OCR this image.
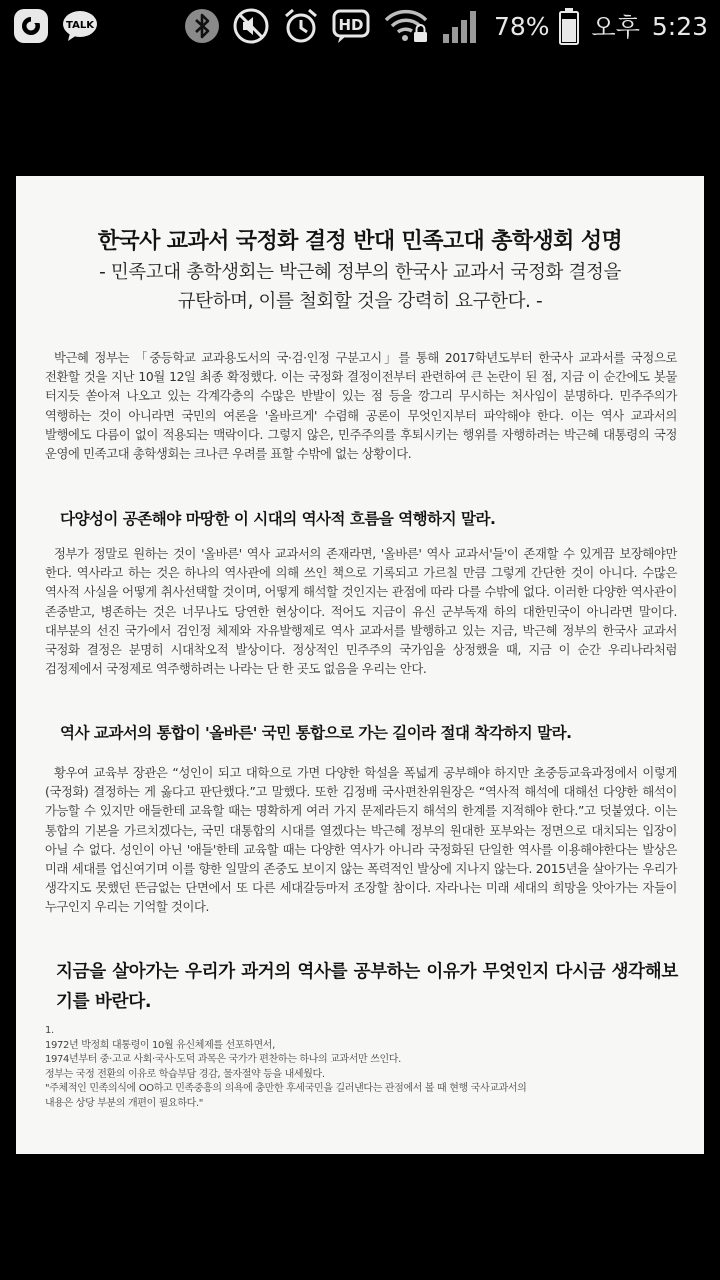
TALK	HD	78% 오후 5:23
한국사 교과서 국정화 결정 반대 민족고대 총학생회 성명
- 민족고대 총학생회는 박근혜 정부의 한국사 교과서 국정화 결정을
규탄하며, 이를 철회할 것을 강력히 요구한다. -

박근혜 정부는 「중등학교 교과용도서의 국·검·인정 구분고시」를 통해 2017학년도부터 한국사 교과서를 국정으로 전환할 것을 지난 10월 12일 최종 확정했다. 이는 국정화 결정이전부터 관련하여 큰 논란이 된 점, 지금 이 순간에도 봇물 터지듯 쏟아져 나오고 있는 각계각층의 수많은 반발이 있는 점 등을 깡그리 무시하는 처사임이 분명하다. 민주주의가 역행하는 것이 아니라면 국민의 여론을 '올바르게' 수렴해 공론이 무엇인지부터 파악해야 한다. 이는 역사 교과서의 발행에도 다름이 없이 적용되는 맥락이다. 그렇지 않은, 민주주의를 후퇴시키는 행위를 자행하려는 박근혜 대통령의 국정 운영에 민족고대 총학생회는 크나큰 우려를 표할 수밖에 없는 상황이다.

다양성이 공존해야 마땅한 이 시대의 역사적 흐름을 역행하지 말라.

정부가 정말로 원하는 것이 '올바른' 역사 교과서의 존재라면, '올바른' 역사 교과서'들'이 존재할 수 있게끔 보장해야만 한다. 역사라고 하는 것은 하나의 역사관에 의해 쓰인 책으로 기록되고 가르칠 만큼 그렇게 간단한 것이 아니다. 수많은 역사적 사실을 어떻게 취사선택할 것이며, 어떻게 해석할 것인지는 관점에 따라 다를 수밖에 없다. 이러한 다양한 역사관이 존중받고, 병존하는 것은 너무나도 당연한 현상이다. 적어도 지금이 유신 군부독재 하의 대한민국이 아니라면 말이다. 대부분의 선진 국가에서 검인정 체제와 자유발행제로 역사 교과서를 발행하고 있는 지금, 박근혜 정부의 한국사 교과서 국정화 결정은 분명히 시대착오적 발상이다. 정상적인 민주주의 국가임을 상정했을 때, 지금 이 순간 우리나라처럼 검정제에서 국정제로 역주행하려는 나라는 단 한 곳도 없음을 우리는 안다.

역사 교과서의 통합이 '올바른' 국민 통합으로 가는 길이라 절대 착각하지 말라.

황우여 교육부 장관은 “성인이 되고 대학으로 가면 다양한 학설을 폭넓게 공부해야 하지만 초중등교육과정에서 이렇게(국정화) 결정하는 게 옳다고 판단했다.”고 말했다. 또한 김정배 국사편찬위원장은 “역사적 해석에 대해선 다양한 해석이 가능할 수 있지만 애들한테 교육할 때는 명확하게 여러 가지 문제라든지 해석의 한계를 지적해야 한다.”고 덧붙였다. 이는 통합의 기본을 가르치겠다는, 국민 대통합의 시대를 열겠다는 박근혜 정부의 원대한 포부와는 정면으로 대치되는 입장이 아닐 수 없다. 성인이 아닌 '애들'한테 교육할 때는 다양한 역사가 아니라 국정화된 단일한 역사를 이용해야한다는 발상은 미래 세대를 업신여기며 이를 향한 일말의 존중도 보이지 않는 폭력적인 발상에 지나지 않는다. 2015년을 살아가는 우리가 생각지도 못했던 뜬금없는 단면에서 또 다른 세대갈등마저 조장할 참이다. 자라나는 미래 세대의 희망을 앗아가는 자들이 누구인지 우리는 기억할 것이다.

지금을 살아가는 우리가 과거의 역사를 공부하는 이유가 무엇인지 다시금 생각해보기를 바란다.

1.
1972년 박정희 대통령이 10월 유신체제를 선포하면서,
1974년부터 중·고교 사회·국사·도덕 과목은 국가가 편찬하는 하나의 교과서만 쓰인다.
정부는 국정 전환의 이유로 학습부담 경감, 물자절약 등을 내세웠다.
"주체적인 민족의식에 OO하고 민족중흥의 의욕에 충만한 후세국민을 길러낸다는 관점에서 볼 때 현행 국사교과서의
내용은 상당 부분의 개편이 필요하다."
